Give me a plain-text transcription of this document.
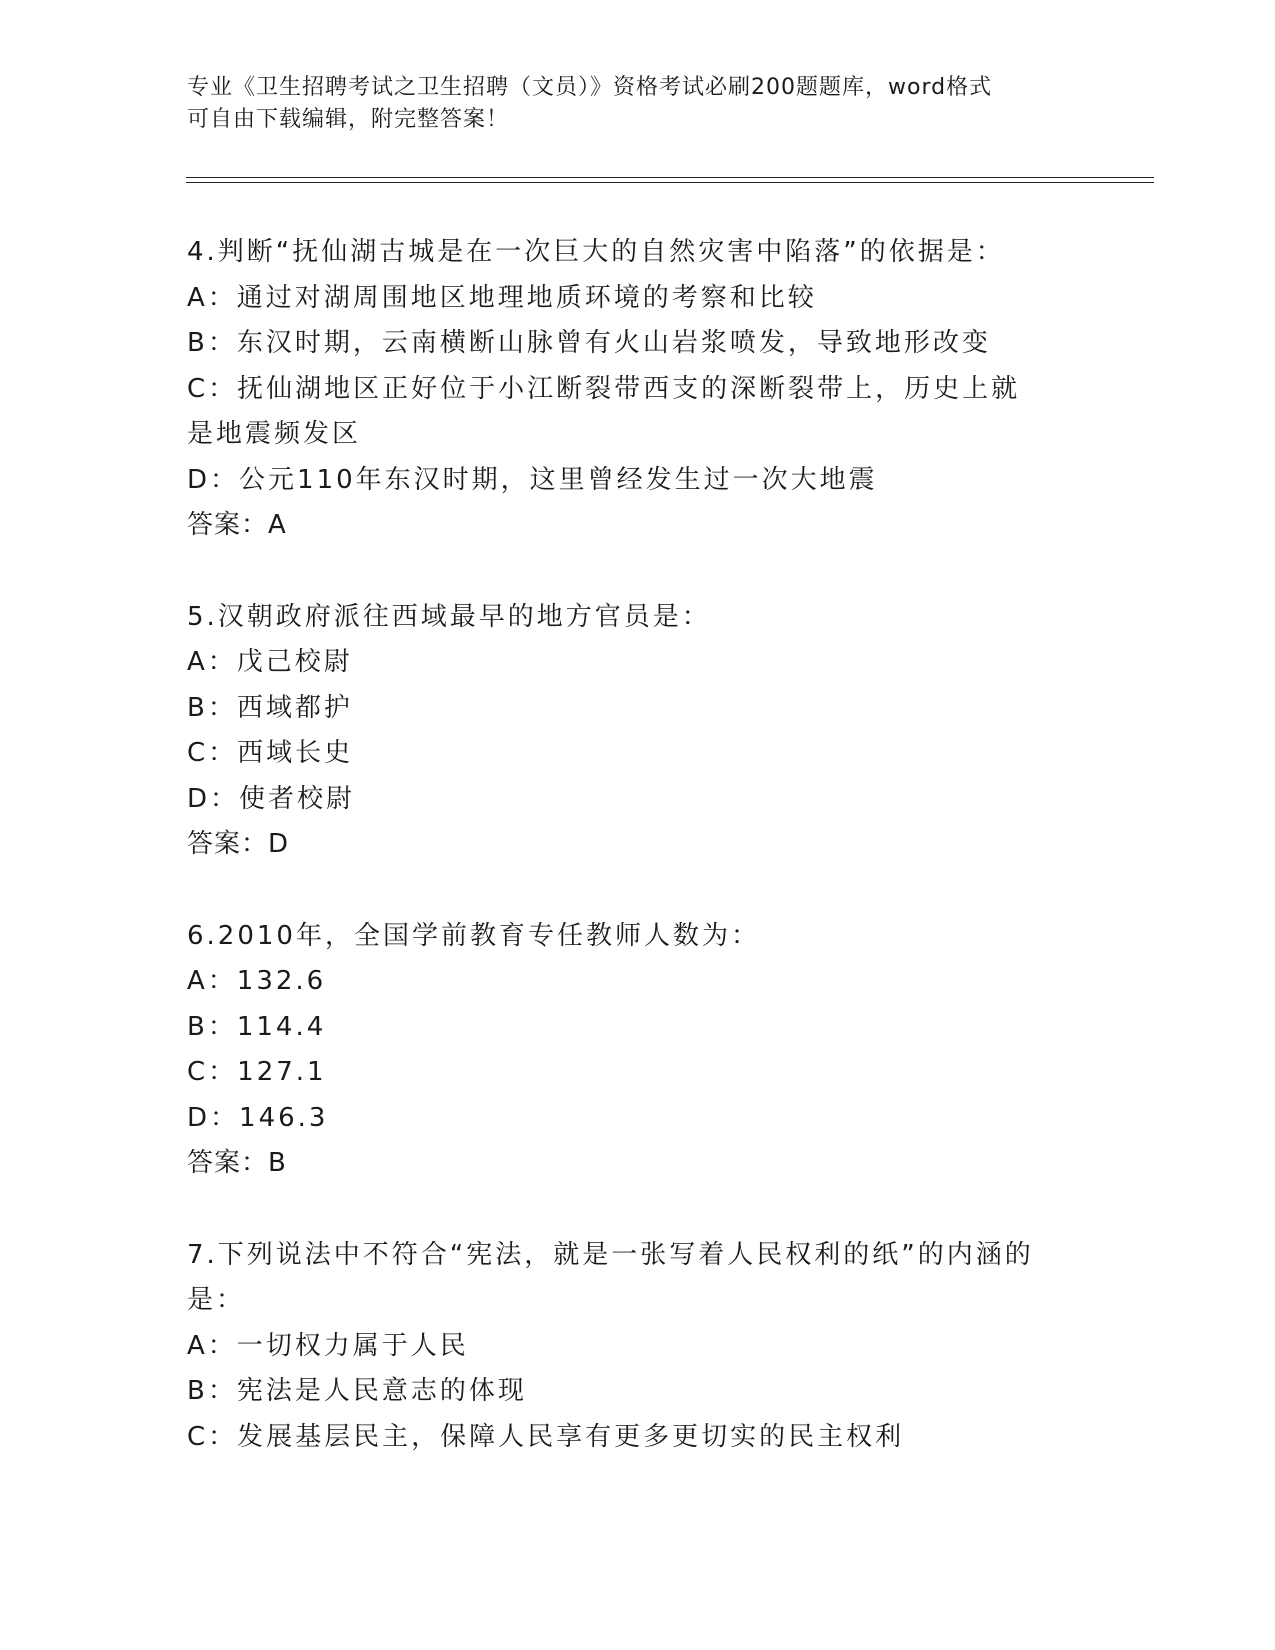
专业《卫生招聘考试之卫生招聘（文员）》资格考试必刷200题题库，word格式

可自由下载编辑，附完整答案！

4.判断“抚仙湖古城是在一次巨大的自然灾害中陷落”的依据是：
A：通过对湖周围地区地理地质环境的考察和比较
B：东汉时期，云南横断山脉曾有火山岩浆喷发，导致地形改变
C：抚仙湖地区正好位于小江断裂带西支的深断裂带上，历史上就是地震频发区
D：公元110年东汉时期，这里曾经发生过一次大地震
答案：A
5.汉朝政府派往西域最早的地方官员是：
A：戊己校尉
B：西域都护
C：西域长史
D：使者校尉
答案：D
6.2010年，全国学前教育专任教师人数为：
A：132.6
B：114.4
C：127.1
D：146.3
答案：B
7.下列说法中不符合“宪法，就是一张写着人民权利的纸”的内涵的是：
A：一切权力属于人民
B：宪法是人民意志的体现
C：发展基层民主，保障人民享有更多更切实的民主权利
